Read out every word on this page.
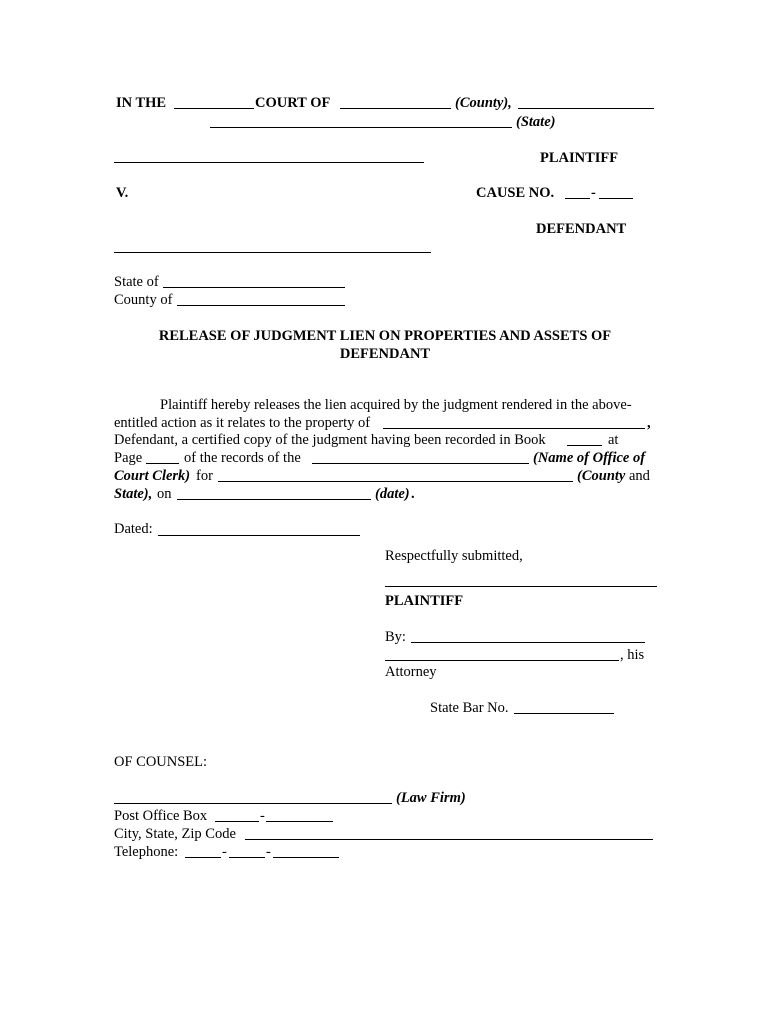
IN THE	COURT OF	(County),
(State)
PLAINTIFF
V.	CAUSE NO.	-
DEFENDANT
State of
County of
RELEASE OF JUDGMENT LIEN ON PROPERTIES AND ASSETS OF
DEFENDANT
Plaintiff hereby releases the lien acquired by the judgment rendered in the above-
entitled action as it relates to the property of	,
Defendant, a certified copy of the judgment having been recorded in Book	at
Page	of the records of the	(Name of Office of
Court Clerk) for	(County and
State), on	(date) .
Dated:
Respectfully submitted,
PLAINTIFF
By:
, his
Attorney
State Bar No.
OF COUNSEL:
(Law Firm)
Post Office Box	-
City, State, Zip Code
Telephone:	-	-
